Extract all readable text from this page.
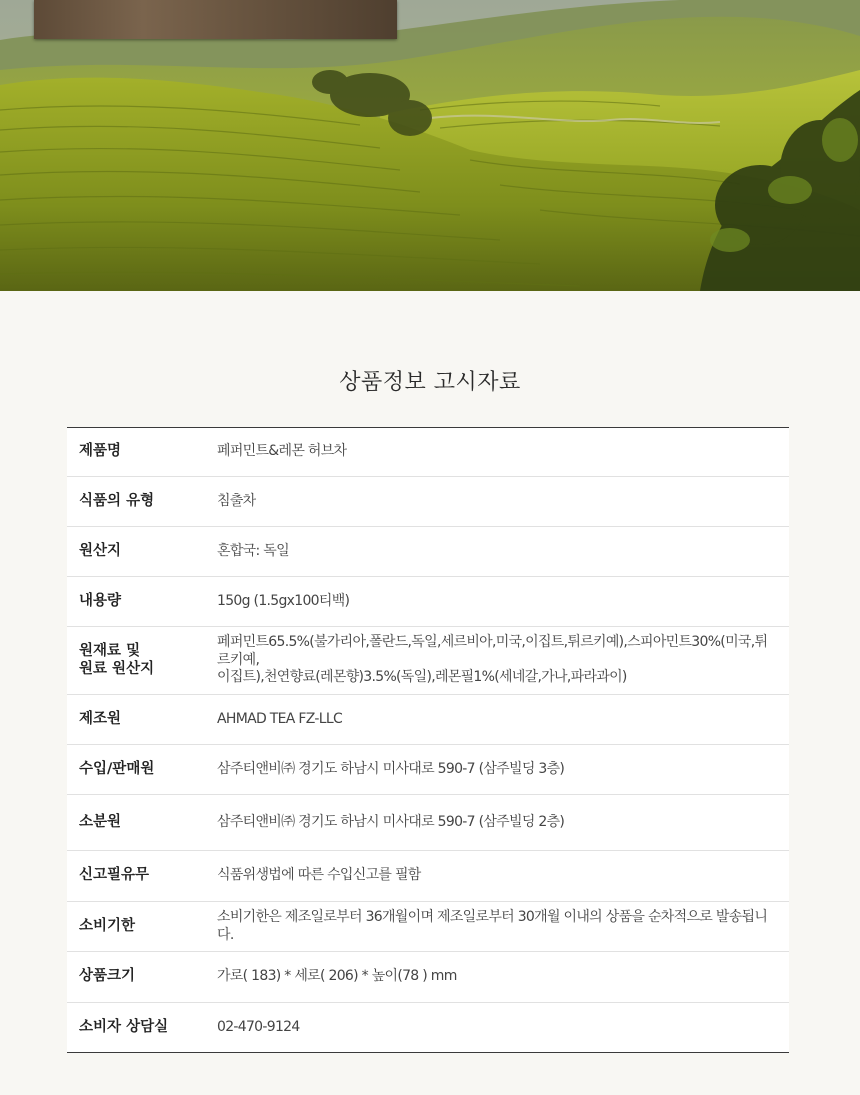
상품정보 고시자료
제품명	페퍼민트&레몬 허브차
식품의 유형	침출차
원산지	혼합국: 독일
내용량	150g (1.5gx100티백)
원재료 및
원료 원산지	페퍼민트65.5%(불가리아,폴란드,독일,세르비아,미국,이집트,튀르키예),스피아민트30%(미국,튀르키예,
이집트),천연향료(레몬향)3.5%(독일),레몬필1%(세네갈,가나,파라과이)
제조원	AHMAD TEA FZ-LLC
수입/판매원	삼주티앤비㈜ 경기도 하남시 미사대로 590-7 (삼주빌딩 3층)
소분원	삼주티앤비㈜ 경기도 하남시 미사대로 590-7 (삼주빌딩 2층)
신고필유무	식품위생법에 따른 수입신고를 필함
소비기한	소비기한은 제조일로부터 36개월이며 제조일로부터 30개월 이내의 상품을 순차적으로 발송됩니다.
상품크기	가로( 183) * 세로( 206) * 높이(78 ) mm
소비자 상담실	02-470-9124
